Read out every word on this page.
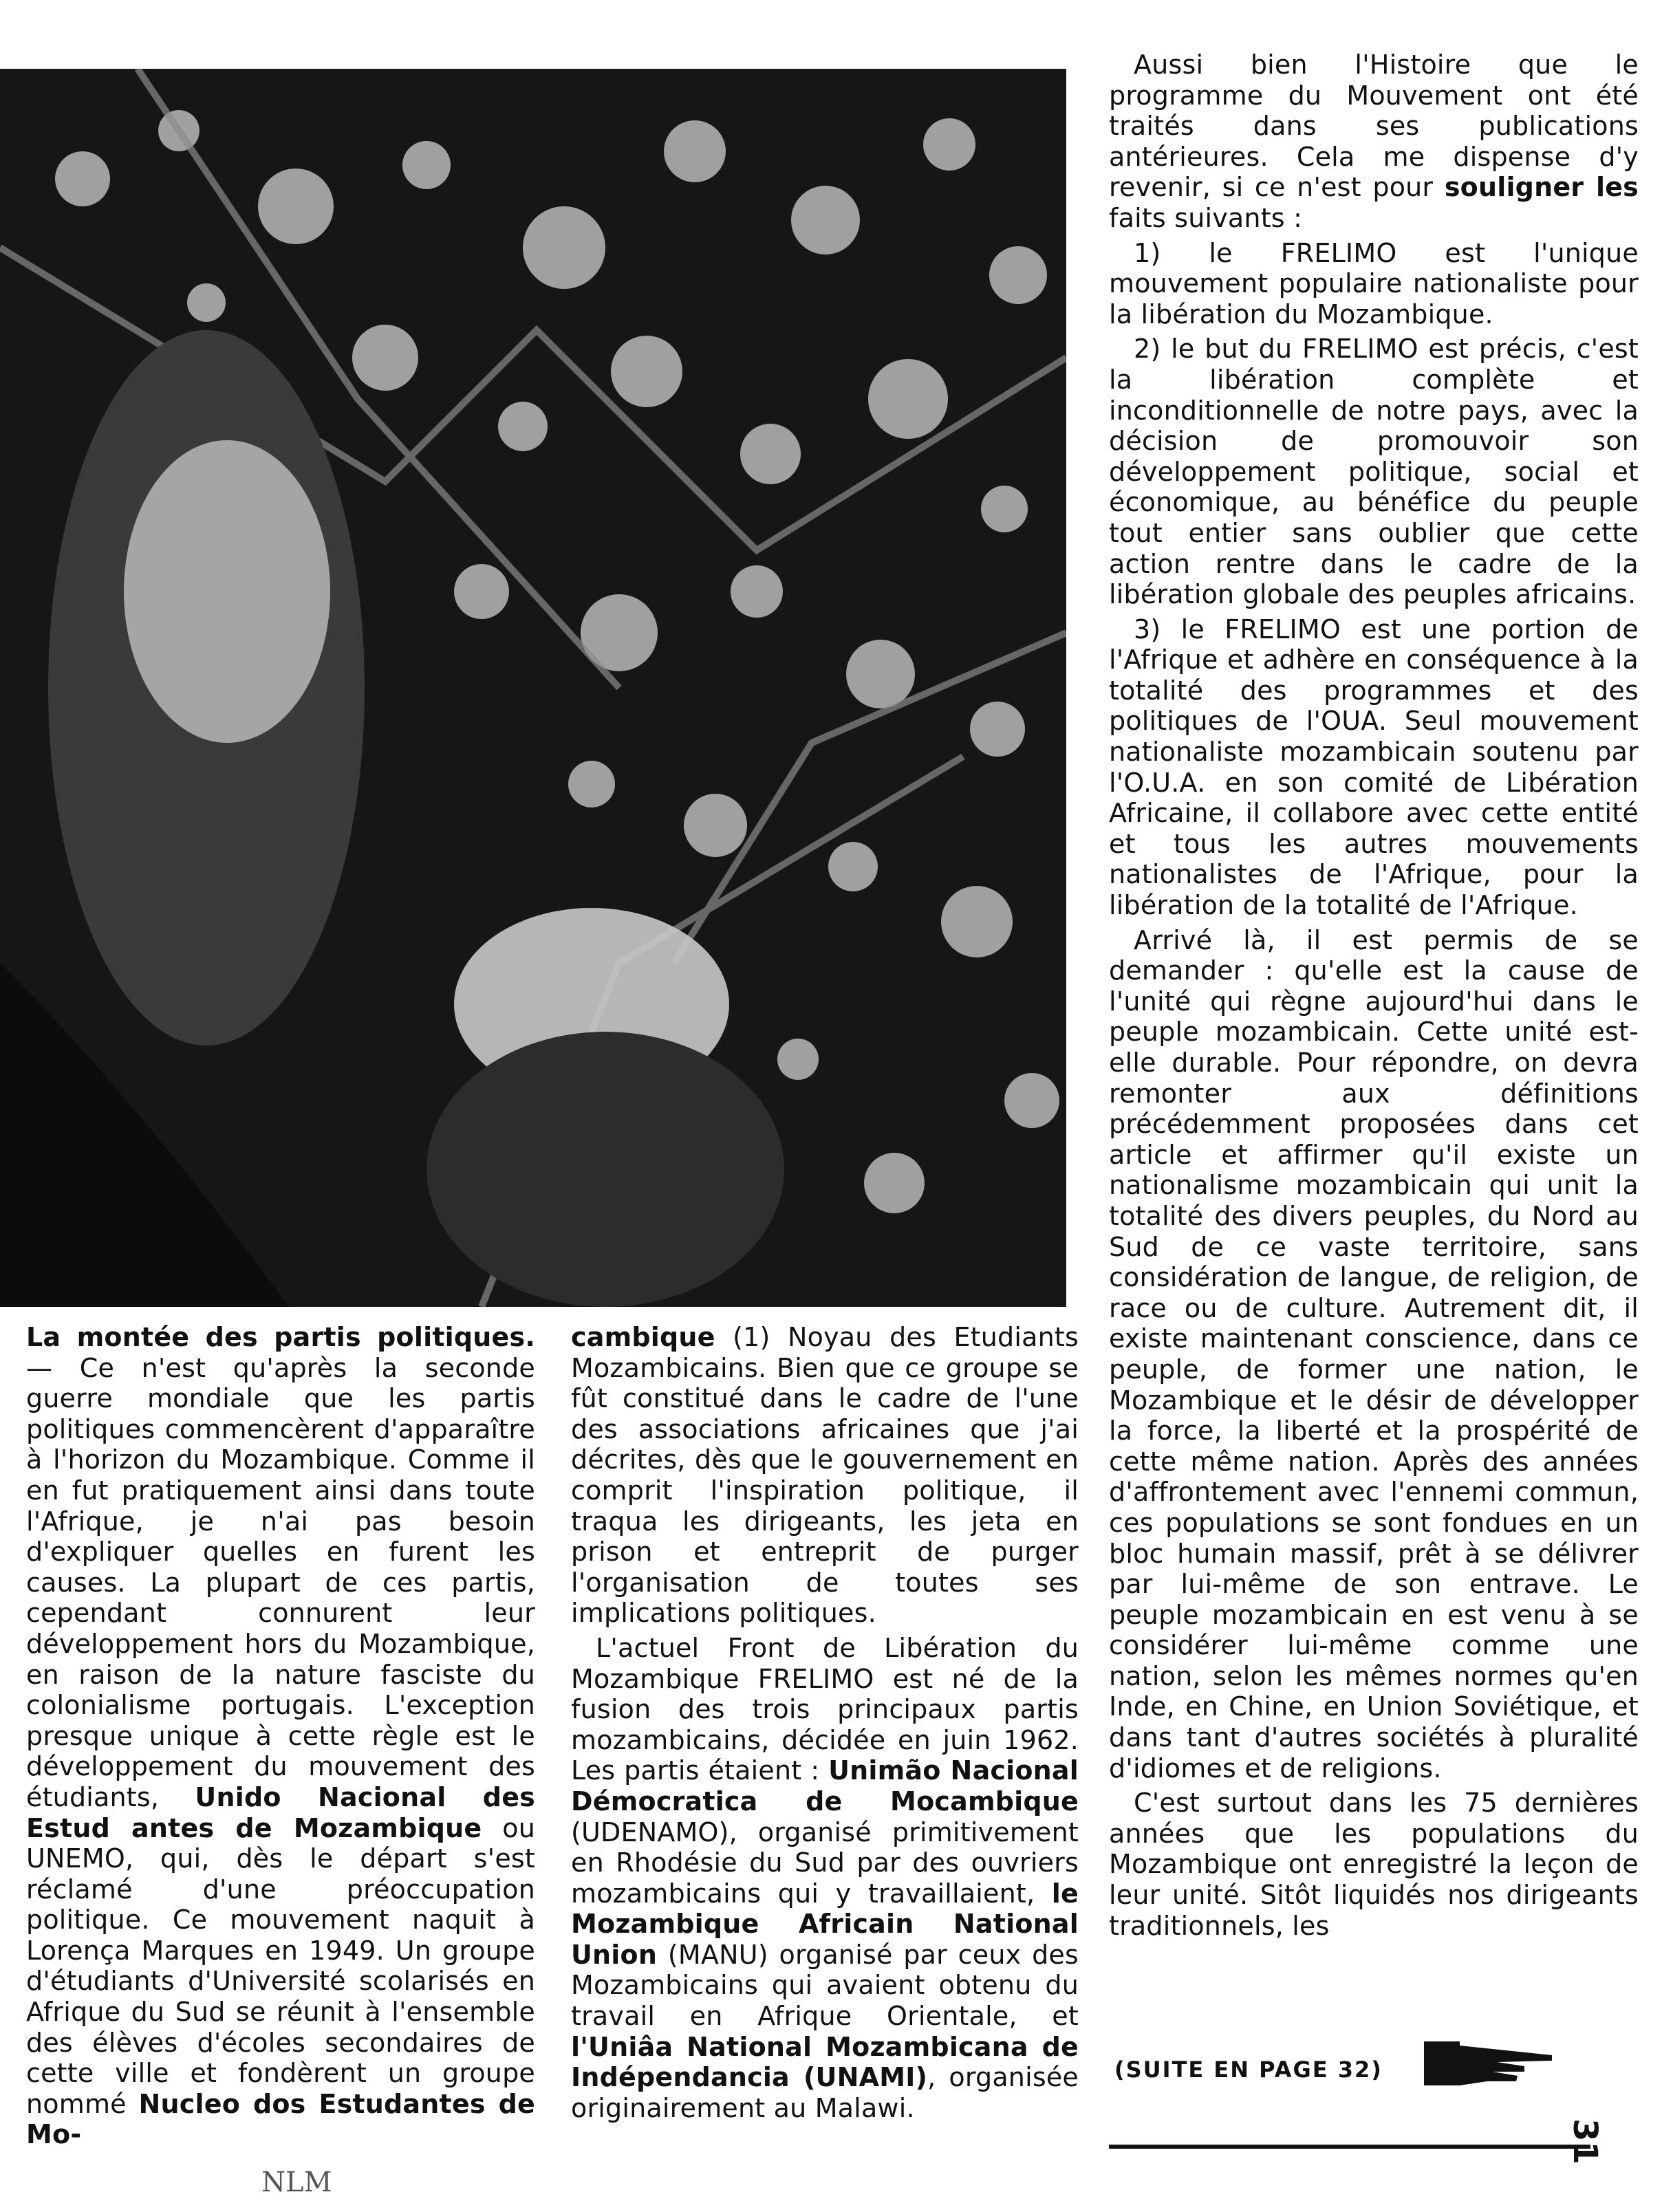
La montée des partis politiques. — Ce n'est qu'après la seconde guerre mondiale que les partis politiques commencèrent d'apparaître à l'horizon du Mozambique. Comme il en fut pratiquement ainsi dans toute l'Afrique, je n'ai pas besoin d'expliquer quelles en furent les causes. La plupart de ces partis, cependant connurent leur développement hors du Mozambique, en raison de la nature fasciste du colonialisme portugais. L'exception presque unique à cette règle est le développement du mouvement des étudiants, Unido Nacional des Estud antes de Mozambique ou UNEMO, qui, dès le départ s'est réclamé d'une préoccupation politique. Ce mouvement naquit à Lorença Marques en 1949. Un groupe d'étudiants d'Université scolarisés en Afrique du Sud se réunit à l'ensemble des élèves d'écoles secondaires de cette ville et fondèrent un groupe nommé Nucleo dos Estudantes de Mo-

cambique (1) Noyau des Etudiants Mozambicains. Bien que ce groupe se fût constitué dans le cadre de l'une des associations africaines que j'ai décrites, dès que le gouvernement en comprit l'inspiration politique, il traqua les dirigeants, les jeta en prison et entreprit de purger l'organisation de toutes ses implications politiques.

L'actuel Front de Libération du Mozambique FRELIMO est né de la fusion des trois principaux partis mozambicains, décidée en juin 1962. Les partis étaient : Unimão Nacional Démocratica de Mocambique (UDENAMO), organisé primitivement en Rhodésie du Sud par des ouvriers mozambicains qui y travaillaient, le Mozambique Africain National Union (MANU) organisé par ceux des Mozambicains qui avaient obtenu du travail en Afrique Orientale, et l'Uniâa National Mozambicana de Indépendancia (UNAMI), organisée originairement au Malawi.

Aussi bien l'Histoire que le programme du Mouvement ont été traités dans ses publications antérieures. Cela me dispense d'y revenir, si ce n'est pour souligner les faits suivants :

1) le FRELIMO est l'unique mouvement populaire nationaliste pour la libération du Mozambique.

2) le but du FRELIMO est précis, c'est la libération complète et inconditionnelle de notre pays, avec la décision de promouvoir son développement politique, social et économique, au bénéfice du peuple tout entier sans oublier que cette action rentre dans le cadre de la libération globale des peuples africains.

3) le FRELIMO est une portion de l'Afrique et adhère en conséquence à la totalité des programmes et des politiques de l'OUA. Seul mouvement nationaliste mozambicain soutenu par l'O.U.A. en son comité de Libération Africaine, il collabore avec cette entité et tous les autres mouvements nationalistes de l'Afrique, pour la libération de la totalité de l'Afrique.

Arrivé là, il est permis de se demander : qu'elle est la cause de l'unité qui règne aujourd'hui dans le peuple mozambicain. Cette unité est-elle durable. Pour répondre, on devra remonter aux définitions précédemment proposées dans cet article et affirmer qu'il existe un nationalisme mozambicain qui unit la totalité des divers peuples, du Nord au Sud de ce vaste territoire, sans considération de langue, de religion, de race ou de culture. Autrement dit, il existe maintenant conscience, dans ce peuple, de former une nation, le Mozambique et le désir de développer la force, la liberté et la prospérité de cette même nation. Après des années d'affrontement avec l'ennemi commun, ces populations se sont fondues en un bloc humain massif, prêt à se délivrer par lui-même de son entrave. Le peuple mozambicain en est venu à se considérer lui-même comme une nation, selon les mêmes normes qu'en Inde, en Chine, en Union Soviétique, et dans tant d'autres sociétés à pluralité d'idiomes et de religions.

C'est surtout dans les 75 dernières années que les populations du Mozambique ont enregistré la leçon de leur unité. Sitôt liquidés nos dirigeants traditionnels, les

(SUITE EN PAGE 32)
31
NLM
